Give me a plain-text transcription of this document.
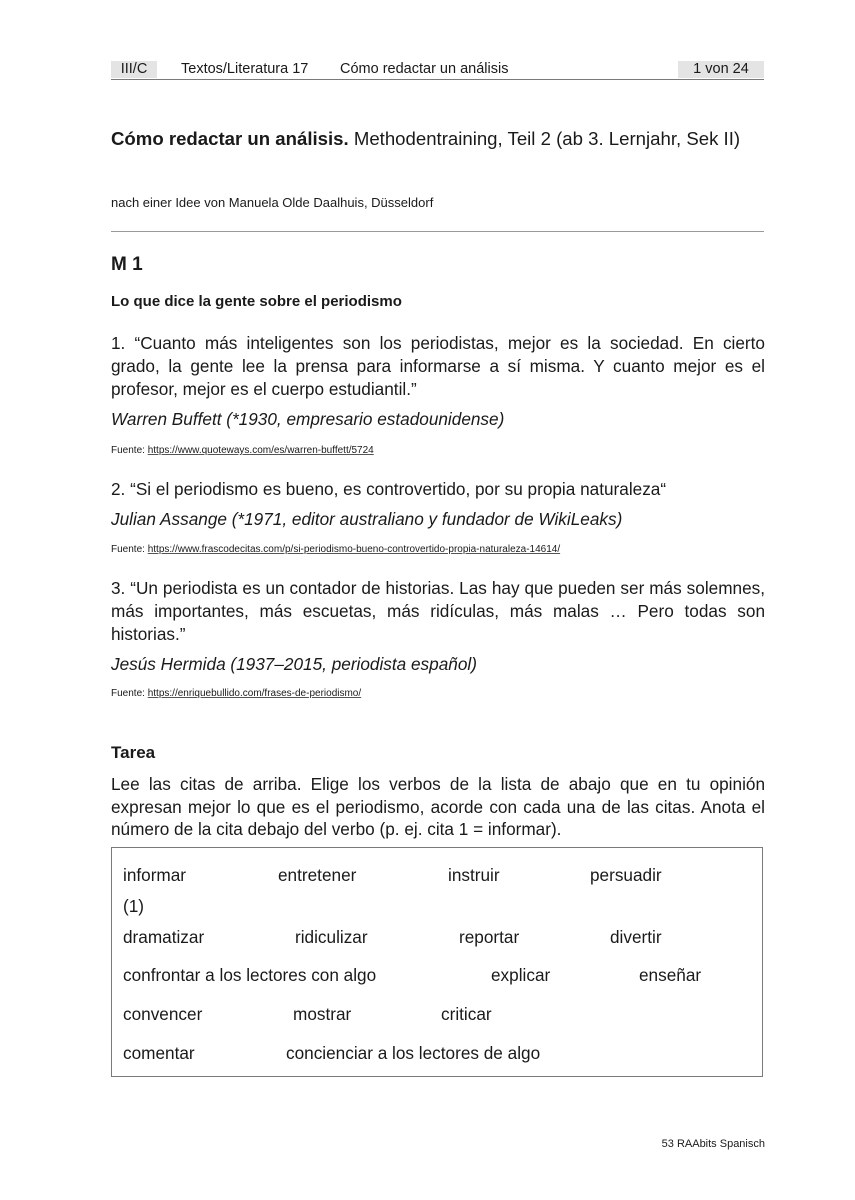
III/C	Textos/Literatura 17 Cómo redactar un análisis	1 von 24
Cómo redactar un análisis. Methodentraining, Teil 2 (ab 3. Lernjahr, Sek II)
nach einer Idee von Manuela Olde Daalhuis, Düsseldorf
M 1
Lo que dice la gente sobre el periodismo
1. “Cuanto más inteligentes son los periodistas, mejor es la sociedad. En cierto grado, la gente lee la prensa para informarse a sí misma. Y cuanto mejor es el profesor, mejor es el cuerpo estudiantil.”
Warren Buffett (*1930, empresario estadounidense)
Fuente: https://www.quoteways.com/es/warren-buffett/5724
2. “Si el periodismo es bueno, es controvertido, por su propia naturaleza“
Julian Assange (*1971, editor australiano y fundador de WikiLeaks)
Fuente: https://www.frascodecitas.com/p/si-periodismo-bueno-controvertido-propia-naturaleza-14614/
3. “Un periodista es un contador de historias. Las hay que pueden ser más solemnes, más importantes, más escuetas, más ridículas, más malas … Pero todas son historias.”
Jesús Hermida (1937–2015, periodista español)
Fuente: https://enriquebullido.com/frases-de-periodismo/
Tarea
Lee las citas de arriba. Elige los verbos de la lista de abajo que en tu opinión expresan mejor lo que es el periodismo, acorde con cada una de las citas. Anota el número de la cita debajo del verbo (p. ej. cita 1 = informar).
informar	entretener	instruir	persuadir
(1)
dramatizar	ridiculizar	reportar	divertir
confrontar a los lectores con algo	explicar	enseñar
convencer	mostrar	criticar
comentar	concienciar a los lectores de algo
53 RAAbits Spanisch
